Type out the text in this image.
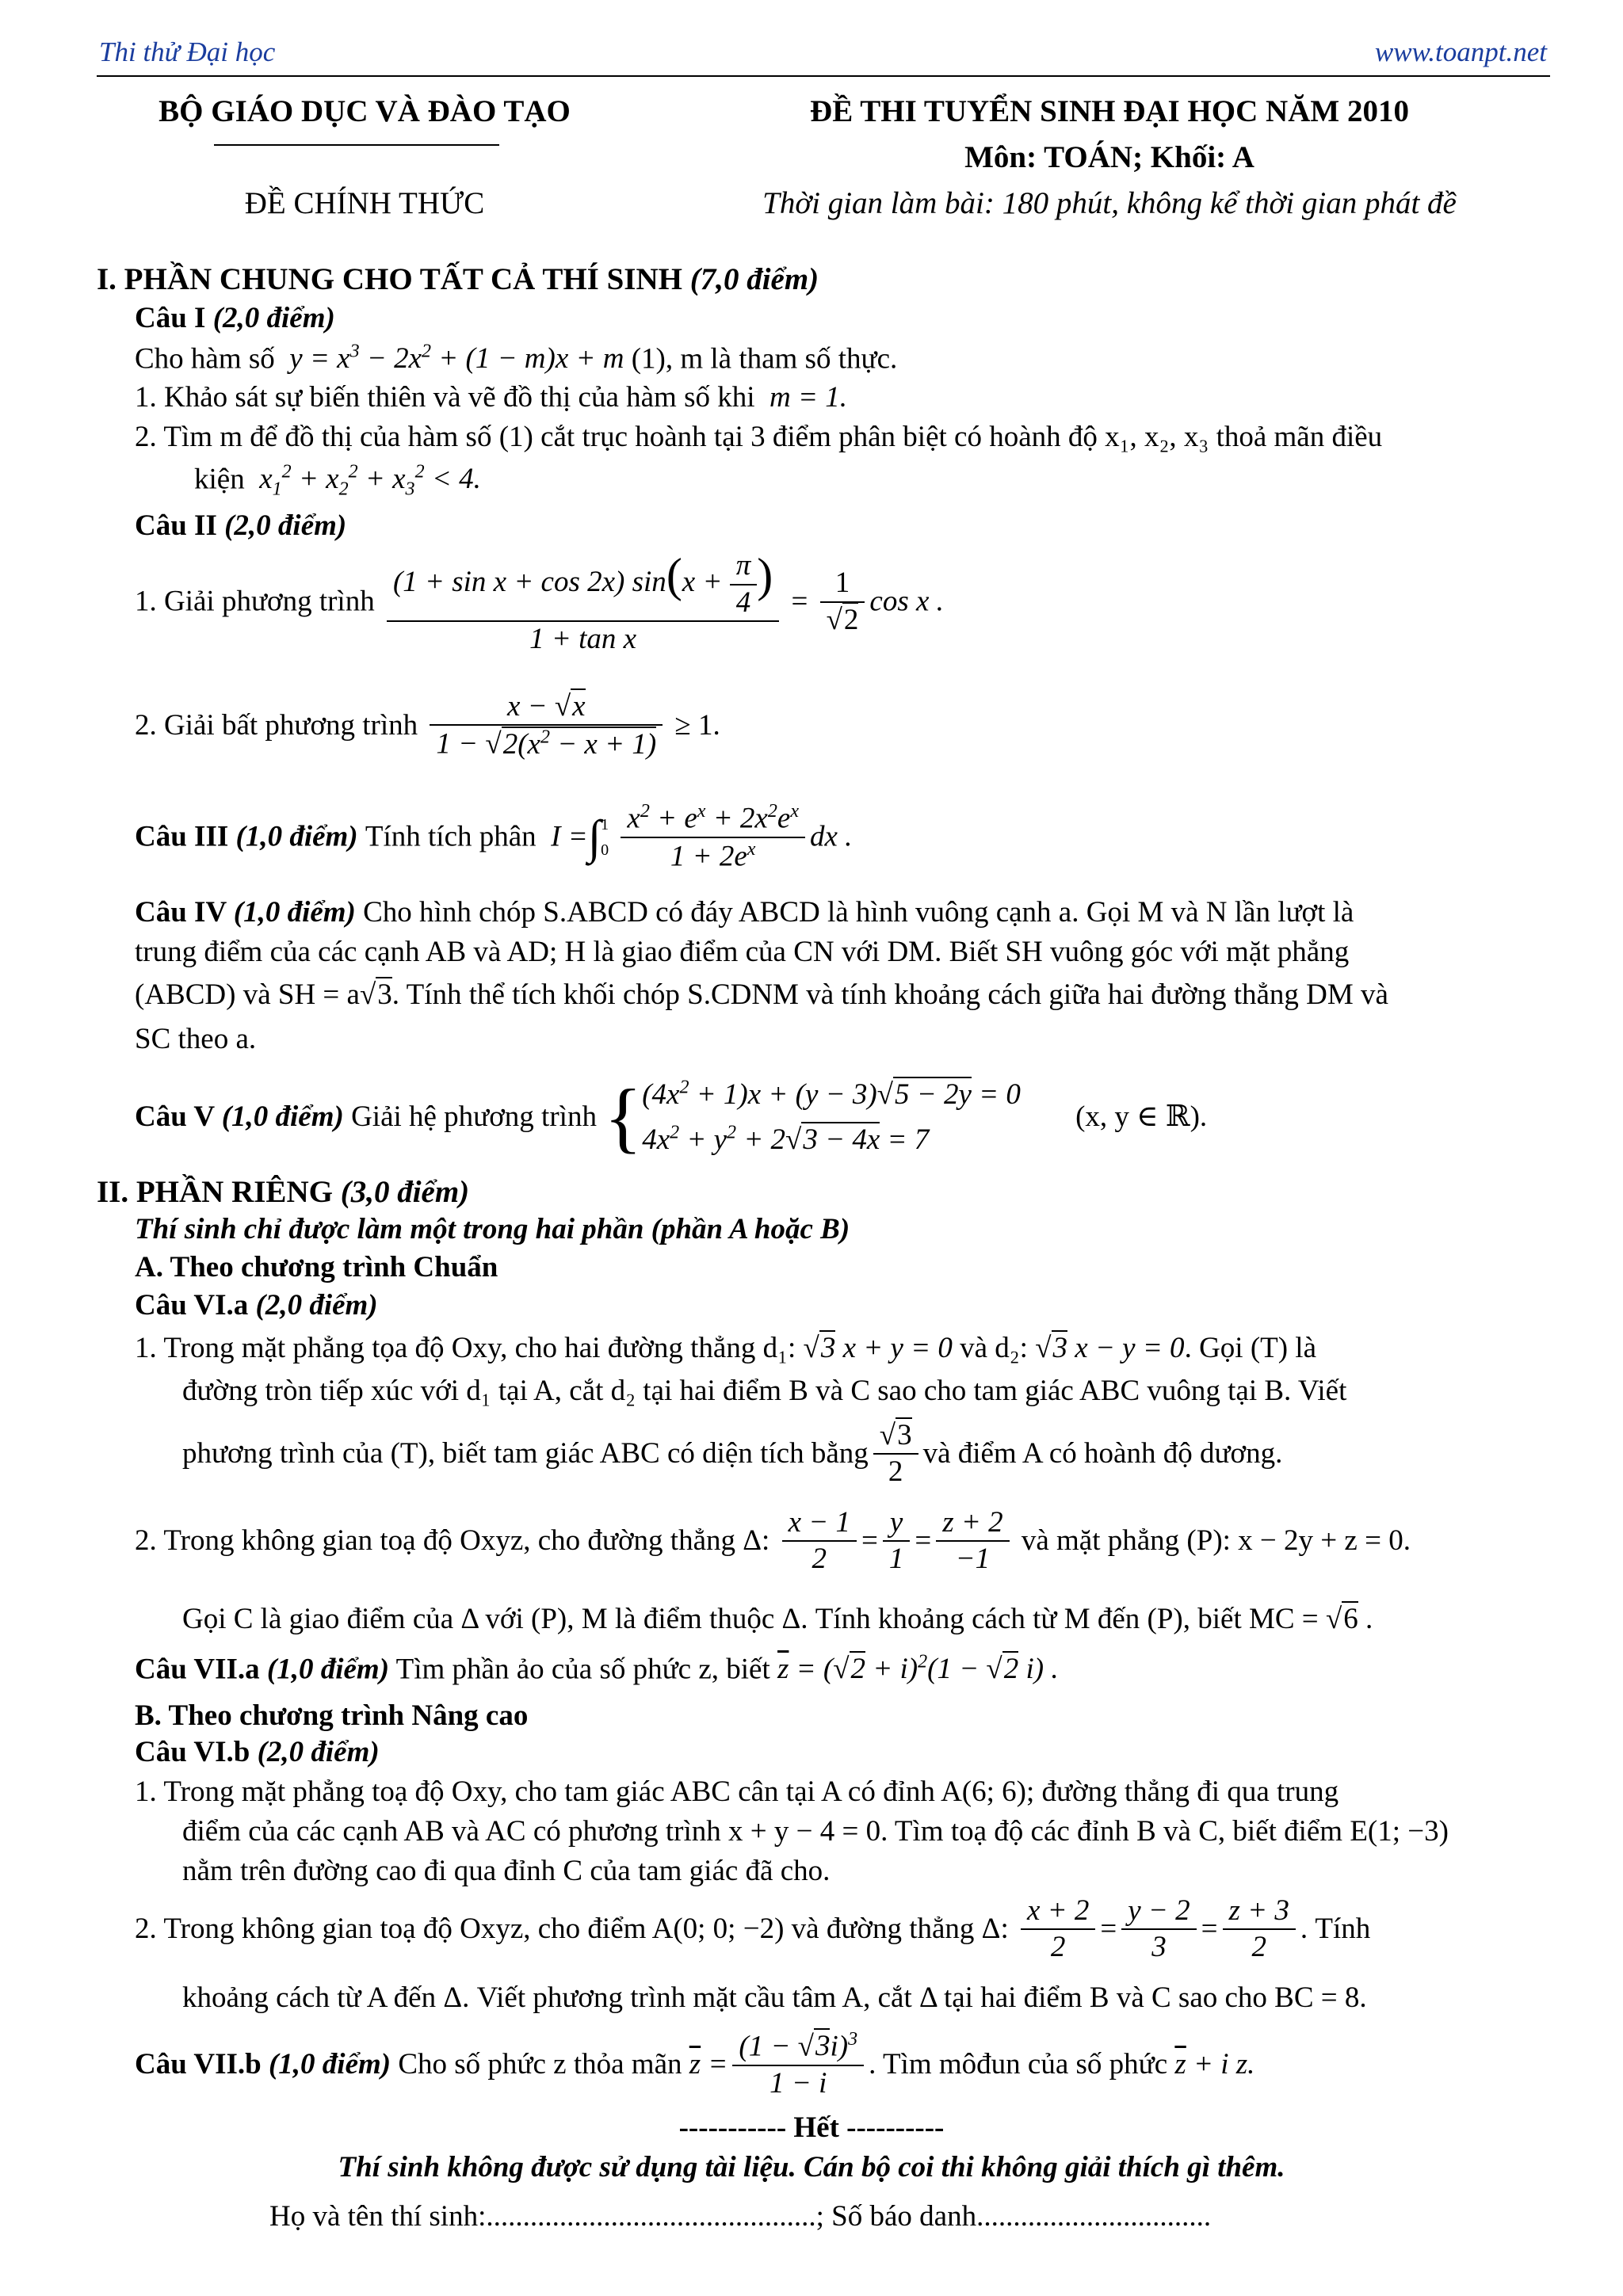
Thi thử Đại học	www.toanpt.net
BỘ GIÁO DỤC VÀ ĐÀO TẠO
ĐỀ CHÍNH THỨC
ĐỀ THI TUYỂN SINH ĐẠI HỌC NĂM 2010
Môn: TOÁN; Khối: A
Thời gian làm bài: 180 phút, không kể thời gian phát đề
I. PHẦN CHUNG CHO TẤT CẢ THÍ SINH (7,0 điểm)
Câu I (2,0 điểm)
Cho hàm số  $y = x^3 - 2x^2 + (1 - m)x + m$ (1), m là tham số thực.
1. Khảo sát sự biến thiên và vẽ đồ thị của hàm số khi  m = 1.
2. Tìm m để đồ thị của hàm số (1) cắt trục hoành tại 3 điểm phân biệt có hoành độ x₁, x₂, x₃ thoả mãn điều
kiện  $x_1^2 + x_2^2 + x_3^2 < 4$.
Câu II (2,0 điểm)
1. Giải phương trình $\frac{(1 + \sin x + \cos 2x) \sin(x + \frac{\pi}{4} )}{\text{1 + tan x}} = \frac{1}{√2}$ cos x .
2. Giải bất phương trình $\frac{x - √x}{1 - √2(x^2 - x + 1)} \ge 1$.
Câu III (1,0 điểm) Tính tích phân  I =∫1
$0 \frac{x^2 + e^x + 2x^2e^x}{1 + 2e^x}$ dx .
Câu IV (1,0 điểm) Cho hình chóp S.ABCD có đáy ABCD là hình vuông cạnh a. Gọi M và N lần lượt là
trung điểm của các cạnh AB và AD; H là giao điểm của CN với DM. Biết SH vuông góc với mặt phẳng
(ABCD) và SH = a√3. Tính thể tích khối chóp S.CDNM và tính khoảng cách giữa hai đường thẳng DM và
SC theo a.
Câu V (1,0 điểm) Giải hệ phương trình {$(4x^2 + 1)x + (y - 3)√5 - 2y = 0$
$4x^2 + y^2 + 2√3 - 4x = 7$ (x, y ∈ ℝ).
II. PHẦN RIÊNG (3,0 điểm)
Thí sinh chỉ được làm một trong hai phần (phần A hoặc B)
A. Theo chương trình Chuẩn
Câu VI.a (2,0 điểm)
1. Trong mặt phẳng tọa độ Oxy, cho hai đường thẳng d₁: √3 x + y = 0 và d₂: √3 x − y = 0. Gọi (T) là
đường tròn tiếp xúc với d₁ tại A, cắt d₂ tại hai điểm B và C sao cho tam giác ABC vuông tại B. Viết
phương trình của (T), biết tam giác ABC có diện tích bằng $\frac{√3}{2}$ và điểm A có hoành độ dương.
2. Trong không gian toạ độ Oxyz, cho đường thẳng Δ: $\frac{x - 1}{2} = \frac{y}{1} = \frac{z + 2}{-1}$ và mặt phẳng (P): x − 2y + z = 0.
Gọi C là giao điểm của Δ với (P), M là điểm thuộc Δ. Tính khoảng cách từ M đến (P), biết MC = √6 .
Câu VII.a (1,0 điểm) Tìm phần ảo của số phức z, biết $\overline{z} = (√2 + i)^2(1 - √2$ i) .
B. Theo chương trình Nâng cao
Câu VI.b (2,0 điểm)
1. Trong mặt phẳng toạ độ Oxy, cho tam giác ABC cân tại A có đỉnh A(6; 6); đường thẳng đi qua trung
điểm của các cạnh AB và AC có phương trình x + y − 4 = 0. Tìm toạ độ các đỉnh B và C, biết điểm E(1; −3)
nằm trên đường cao đi qua đỉnh C của tam giác đã cho.
2. Trong không gian toạ độ Oxyz, cho điểm A(0; 0; −2) và đường thẳng Δ: $\frac{x + 2}{2} = \frac{y - 2}{3} = \frac{z + 3}{2}$ . Tính
khoảng cách từ A đến Δ. Viết phương trình mặt cầu tâm A, cắt Δ tại hai điểm B và C sao cho BC = 8.
Câu VII.b (1,0 điểm) Cho số phức z thỏa mãn $\overline{z} = \frac{(1 - √3i)^3}{1 - i}$ . Tìm môđun của số phức $\overline{z} + i$ z.
----------- Hết ----------
Thí sinh không được sử dụng tài liệu. Cán bộ coi thi không giải thích gì thêm.
Họ và tên thí sinh:.............................................; Số báo danh................................
